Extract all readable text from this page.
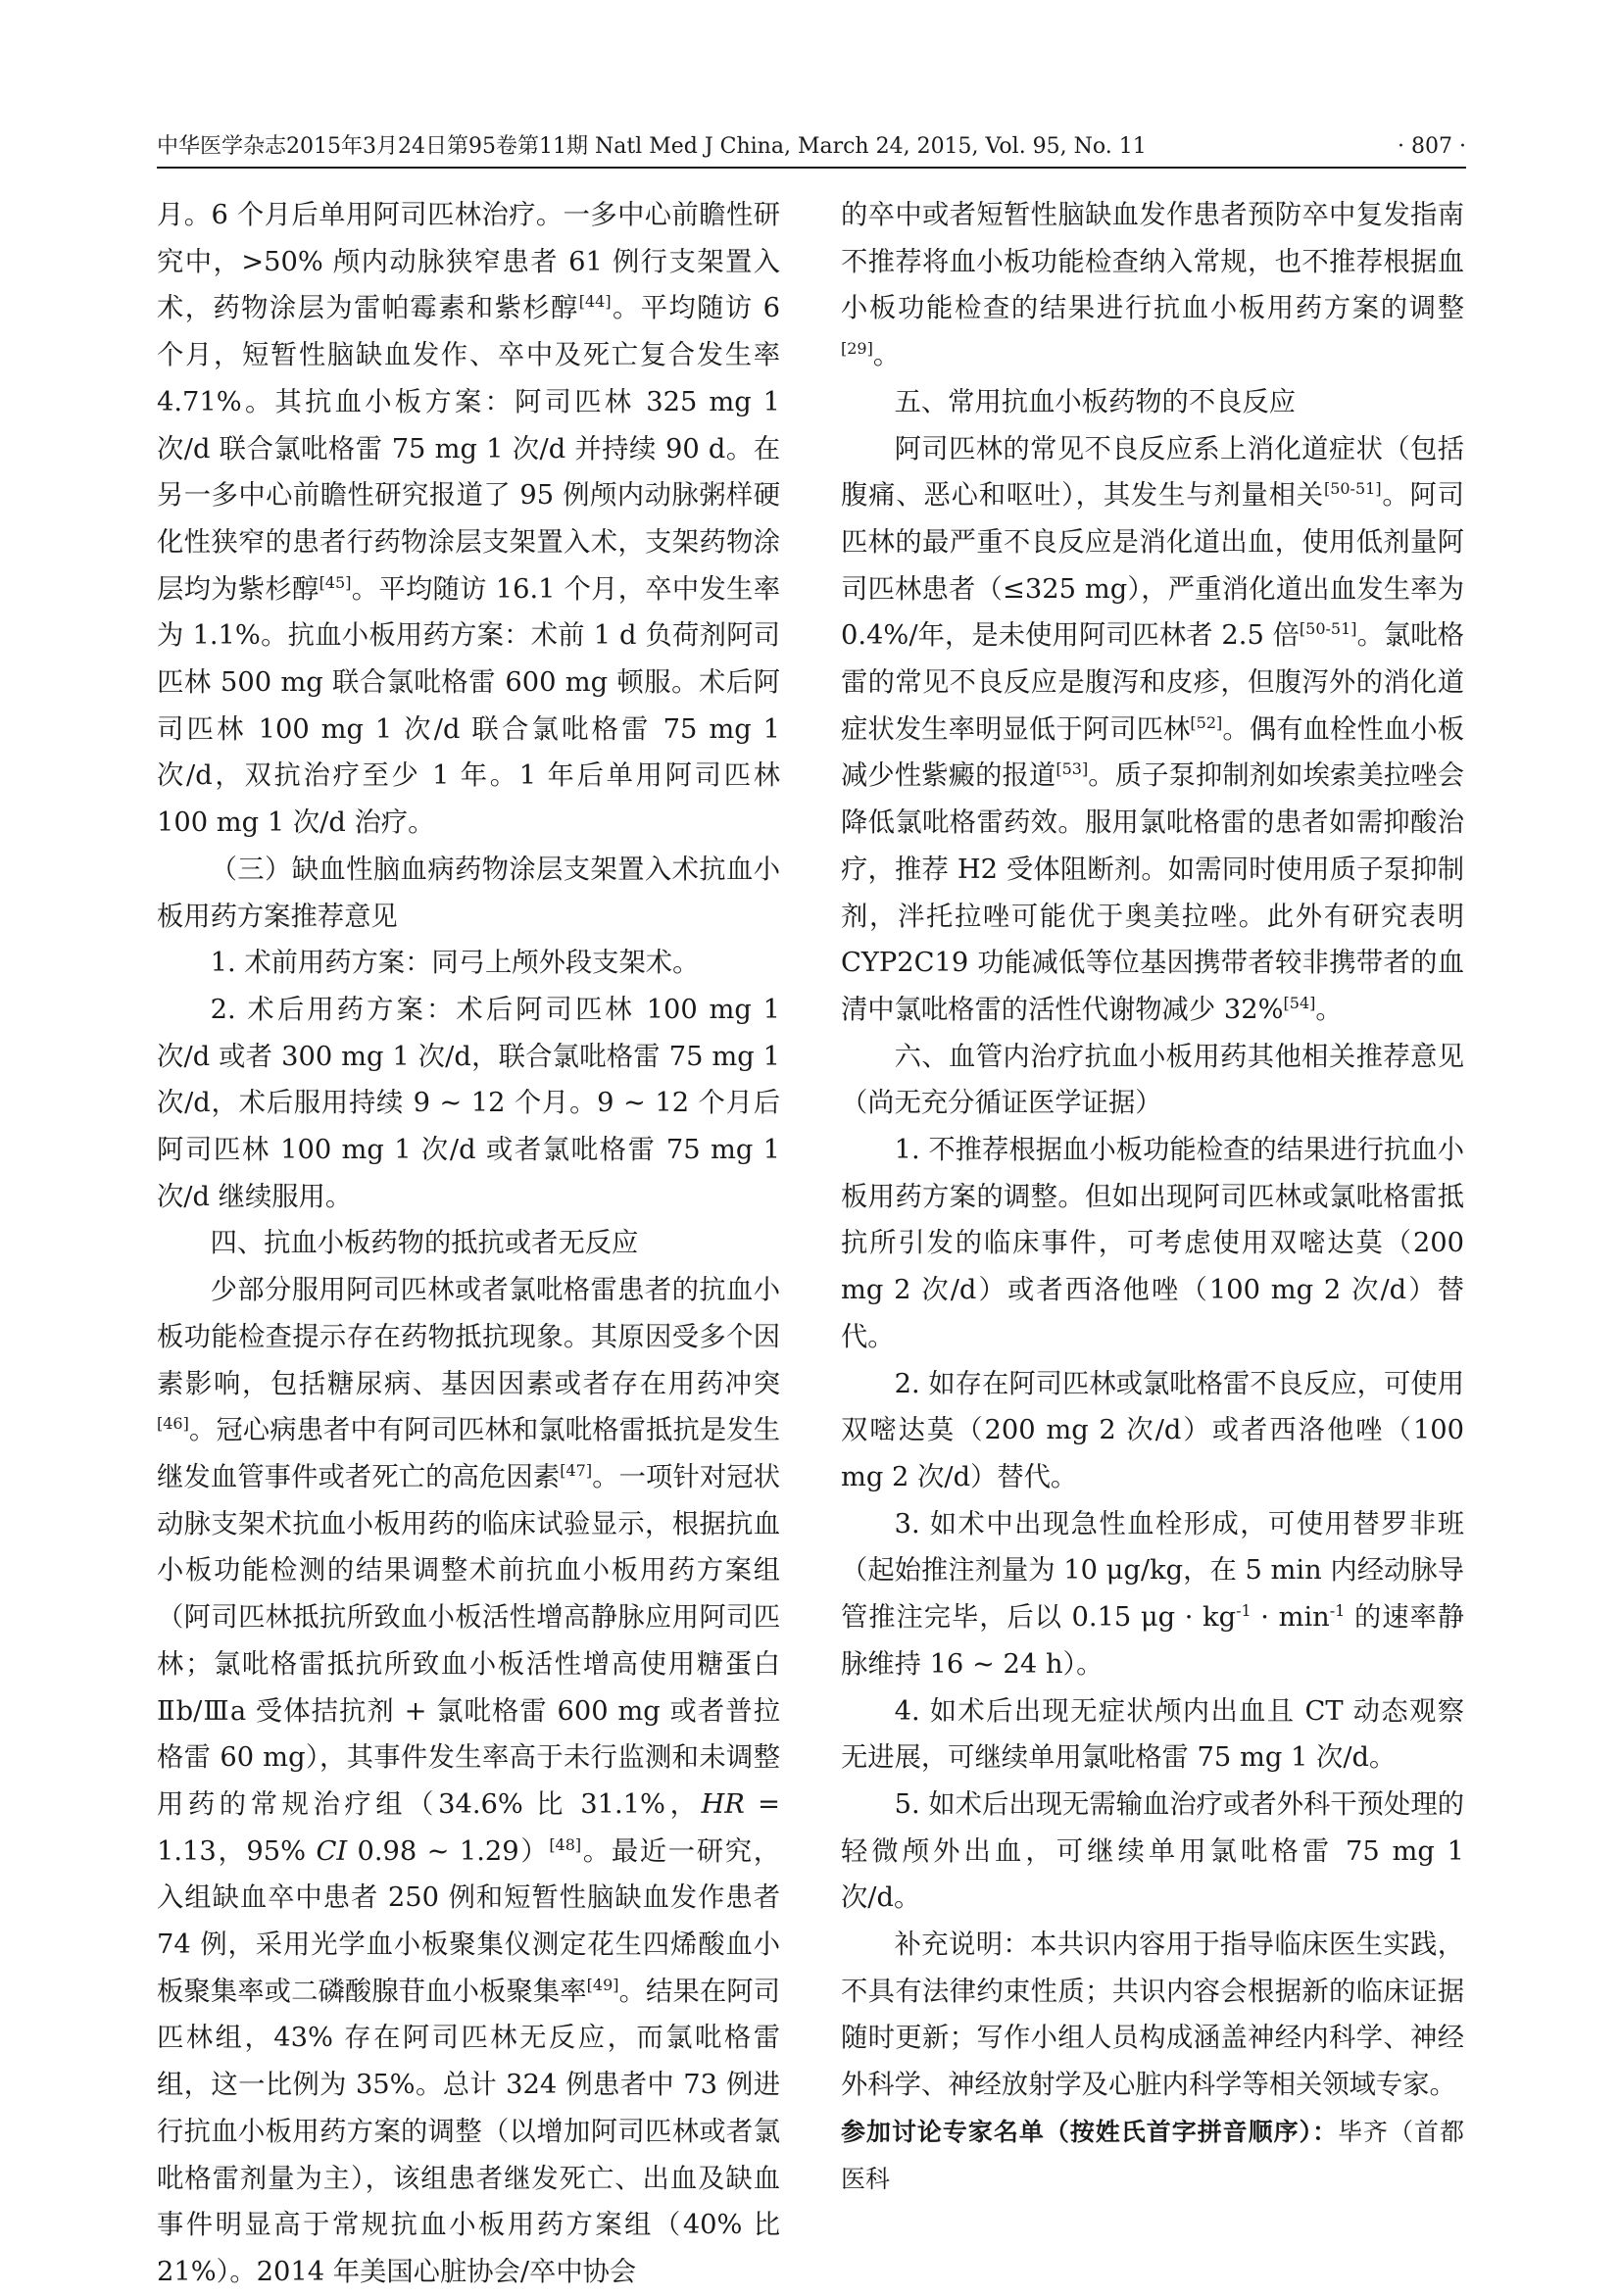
中华医学杂志2015年3月24日第95卷第11期 Natl Med J China, March 24, 2015, Vol. 95, No. 11	· 807 ·

月。6 个月后单用阿司匹林治疗。一多中心前瞻性研究中，>50% 颅内动脉狭窄患者 61 例行支架置入术，药物涂层为雷帕霉素和紫杉醇[44]。平均随访 6 个月，短暂性脑缺血发作、卒中及死亡复合发生率 4.71%。其抗血小板方案：阿司匹林 325 mg 1 次/d 联合氯吡格雷 75 mg 1 次/d 并持续 90 d。在另一多中心前瞻性研究报道了 95 例颅内动脉粥样硬化性狭窄的患者行药物涂层支架置入术，支架药物涂层均为紫杉醇[45]。平均随访 16.1 个月，卒中发生率为 1.1%。抗血小板用药方案：术前 1 d 负荷剂阿司匹林 500 mg 联合氯吡格雷 600 mg 顿服。术后阿司匹林 100 mg 1 次/d 联合氯吡格雷 75 mg 1 次/d，双抗治疗至少 1 年。1 年后单用阿司匹林 100 mg 1 次/d 治疗。

（三）缺血性脑血病药物涂层支架置入术抗血小板用药方案推荐意见

1. 术前用药方案：同弓上颅外段支架术。

2. 术后用药方案：术后阿司匹林 100 mg 1 次/d 或者 300 mg 1 次/d，联合氯吡格雷 75 mg 1 次/d，术后服用持续 9 ~ 12 个月。9 ~ 12 个月后阿司匹林 100 mg 1 次/d 或者氯吡格雷 75 mg 1 次/d 继续服用。

四、抗血小板药物的抵抗或者无反应

少部分服用阿司匹林或者氯吡格雷患者的抗血小板功能检查提示存在药物抵抗现象。其原因受多个因素影响，包括糖尿病、基因因素或者存在用药冲突[46]。冠心病患者中有阿司匹林和氯吡格雷抵抗是发生继发血管事件或者死亡的高危因素[47]。一项针对冠状动脉支架术抗血小板用药的临床试验显示，根据抗血小板功能检测的结果调整术前抗血小板用药方案组（阿司匹林抵抗所致血小板活性增高静脉应用阿司匹林；氯吡格雷抵抗所致血小板活性增高使用糖蛋白Ⅱb/Ⅲa 受体拮抗剂 + 氯吡格雷 600 mg 或者普拉格雷 60 mg），其事件发生率高于未行监测和未调整用药的常规治疗组（34.6% 比 31.1%，HR = 1.13，95% CI 0.98 ~ 1.29）[48]。最近一研究，入组缺血卒中患者 250 例和短暂性脑缺血发作患者 74 例，采用光学血小板聚集仪测定花生四烯酸血小板聚集率或二磷酸腺苷血小板聚集率[49]。结果在阿司匹林组，43% 存在阿司匹林无反应，而氯吡格雷组，这一比例为 35%。总计 324 例患者中 73 例进行抗血小板用药方案的调整（以增加阿司匹林或者氯吡格雷剂量为主），该组患者继发死亡、出血及缺血事件明显高于常规抗血小板用药方案组（40% 比 21%）。2014 年美国心脏协会/卒中协会

的卒中或者短暂性脑缺血发作患者预防卒中复发指南不推荐将血小板功能检查纳入常规，也不推荐根据血小板功能检查的结果进行抗血小板用药方案的调整[29]。

五、常用抗血小板药物的不良反应

阿司匹林的常见不良反应系上消化道症状（包括腹痛、恶心和呕吐），其发生与剂量相关[50-51]。阿司匹林的最严重不良反应是消化道出血，使用低剂量阿司匹林患者（≤325 mg），严重消化道出血发生率为 0.4%/年，是未使用阿司匹林者 2.5 倍[50-51]。氯吡格雷的常见不良反应是腹泻和皮疹，但腹泻外的消化道症状发生率明显低于阿司匹林[52]。偶有血栓性血小板减少性紫癜的报道[53]。质子泵抑制剂如埃索美拉唑会降低氯吡格雷药效。服用氯吡格雷的患者如需抑酸治疗，推荐 H2 受体阻断剂。如需同时使用质子泵抑制剂，泮托拉唑可能优于奥美拉唑。此外有研究表明 CYP2C19 功能减低等位基因携带者较非携带者的血清中氯吡格雷的活性代谢物减少 32%[54]。

六、血管内治疗抗血小板用药其他相关推荐意见（尚无充分循证医学证据）

1. 不推荐根据血小板功能检查的结果进行抗血小板用药方案的调整。但如出现阿司匹林或氯吡格雷抵抗所引发的临床事件，可考虑使用双嘧达莫（200 mg 2 次/d）或者西洛他唑（100 mg 2 次/d）替代。

2. 如存在阿司匹林或氯吡格雷不良反应，可使用双嘧达莫（200 mg 2 次/d）或者西洛他唑（100 mg 2 次/d）替代。

3. 如术中出现急性血栓形成，可使用替罗非班（起始推注剂量为 10 μg/kg，在 5 min 内经动脉导管推注完毕，后以 0.15 $\mu g \cdot kg^{-1} \cdot \min^{-1}$ 的速率静脉维持 16 ~ 24 h）。

4. 如术后出现无症状颅内出血且 CT 动态观察无进展，可继续单用氯吡格雷 75 mg 1 次/d。

5. 如术后出现无需输血治疗或者外科干预处理的轻微颅外出血，可继续单用氯吡格雷 75 mg 1 次/d。

补充说明：本共识内容用于指导临床医生实践，不具有法律约束性质；共识内容会根据新的临床证据随时更新；写作小组人员构成涵盖神经内科学、神经外科学、神经放射学及心脏内科学等相关领域专家。

参加讨论专家名单（按姓氏首字拼音顺序）：毕齐（首都医科
